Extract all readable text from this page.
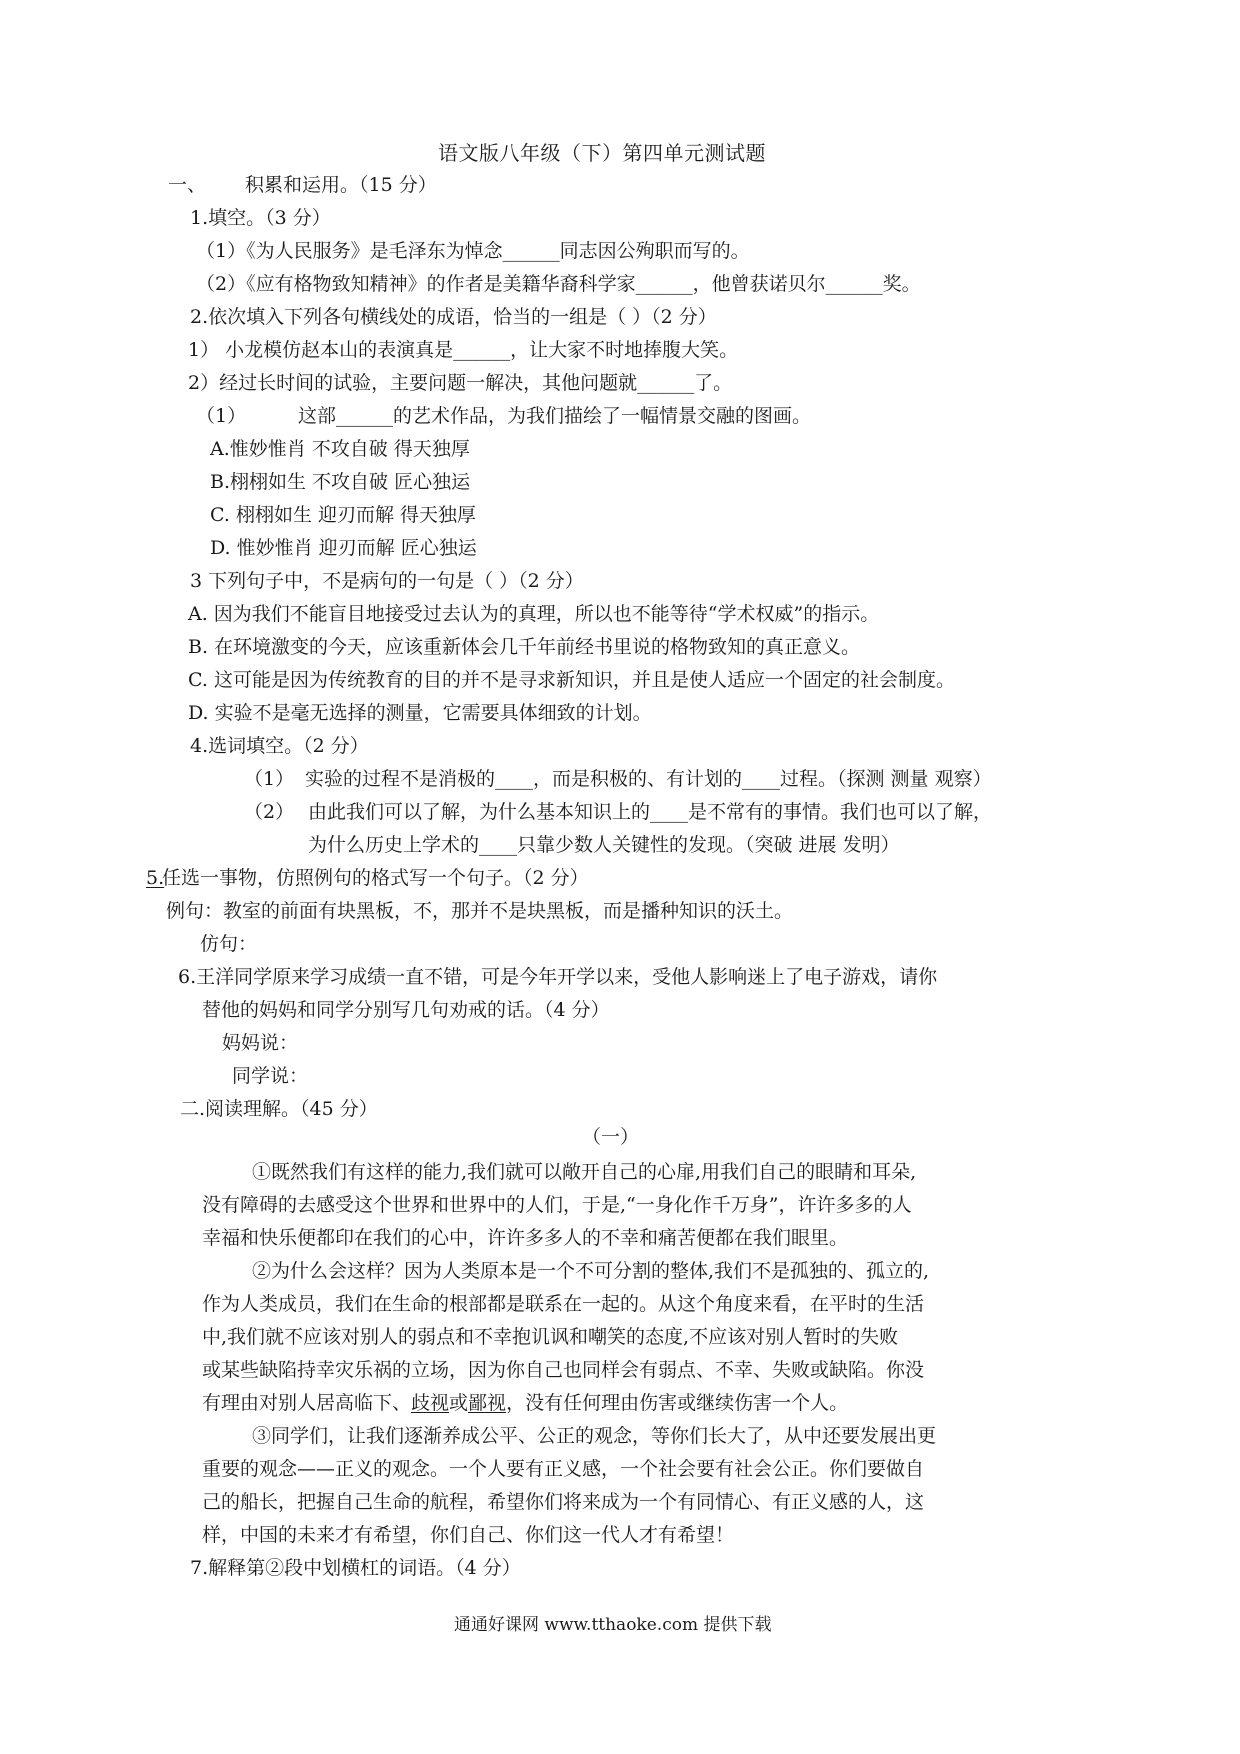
语文版八年级（下）第四单元测试题
一、 积累和运用。（15 分）
1.填空。（3 分）
（1）《为人民服务》是毛泽东为悼念______同志因公殉职而写的。
（2）《应有格物致知精神》的作者是美籍华裔科学家______，他曾获诺贝尔______奖。
2.依次填入下列各句横线处的成语，恰当的一组是（ ）（2 分）
1） 小龙模仿赵本山的表演真是______，让大家不时地捧腹大笑。
2）经过长时间的试验，主要问题一解决，其他问题就______了。
（1）	这部______的艺术作品，为我们描绘了一幅情景交融的图画。
A.惟妙惟肖 不攻自破 得天独厚
B.栩栩如生 不攻自破 匠心独运
C. 栩栩如生 迎刃而解 得天独厚
D. 惟妙惟肖 迎刃而解 匠心独运
3 下列句子中，不是病句的一句是（ ）（2 分）
A. 因为我们不能盲目地接受过去认为的真理，所以也不能等待“学术权威”的指示。
B. 在环境激变的今天，应该重新体会几千年前经书里说的格物致知的真正意义。
C. 这可能是因为传统教育的目的并不是寻求新知识，并且是使人适应一个固定的社会制度。
D. 实验不是毫无选择的测量，它需要具体细致的计划。
4.选词填空。（2 分）
（1） 实验的过程不是消极的____，而是积极的、有计划的____过程。（探测 测量 观察）
（2） 由此我们可以了解，为什么基本知识上的____是不常有的事情。我们也可以了解，
为什么历史上学术的____只靠少数人关键性的发现。（突破 进展 发明）
5.
任选一事物，仿照例句的格式写一个句子。（2 分）
例句：教室的前面有块黑板，不，那并不是块黑板，而是播种知识的沃土。
仿句：
6.王洋同学原来学习成绩一直不错，可是今年开学以来，受他人影响迷上了电子游戏，请你
替他的妈妈和同学分别写几句劝戒的话。（4 分）
妈妈说：
同学说：
二.阅读理解。（45 分）
（一）
①既然我们有这样的能力,我们就可以敞开自己的心扉,用我们自己的眼睛和耳朵,
没有障碍的去感受这个世界和世界中的人们，于是,“一身化作千万身”，许许多多的人
幸福和快乐便都印在我们的心中，许许多多人的不幸和痛苦便都在我们眼里。
②为什么会这样？因为人类原本是一个不可分割的整体,我们不是孤独的、孤立的,
作为人类成员，我们在生命的根部都是联系在一起的。从这个角度来看，在平时的生活
中,我们就不应该对别人的弱点和不幸抱讥讽和嘲笑的态度,不应该对别人暂时的失败
或某些缺陷持幸灾乐祸的立场，因为你自己也同样会有弱点、不幸、失败或缺陷。你没
有理由对别人居高临下、歧视或鄙视，没有任何理由伤害或继续伤害一个人。
③同学们，让我们逐渐养成公平、公正的观念，等你们长大了，从中还要发展出更
重要的观念——正义的观念。一个人要有正义感，一个社会要有社会公正。你们要做自
己的船长，把握自己生命的航程，希望你们将来成为一个有同情心、有正义感的人，这
样，中国的未来才有希望，你们自己、你们这一代人才有希望！
7.解释第②段中划横杠的词语。（4 分）
通通好课网 www.tthaoke.com 提供下载
